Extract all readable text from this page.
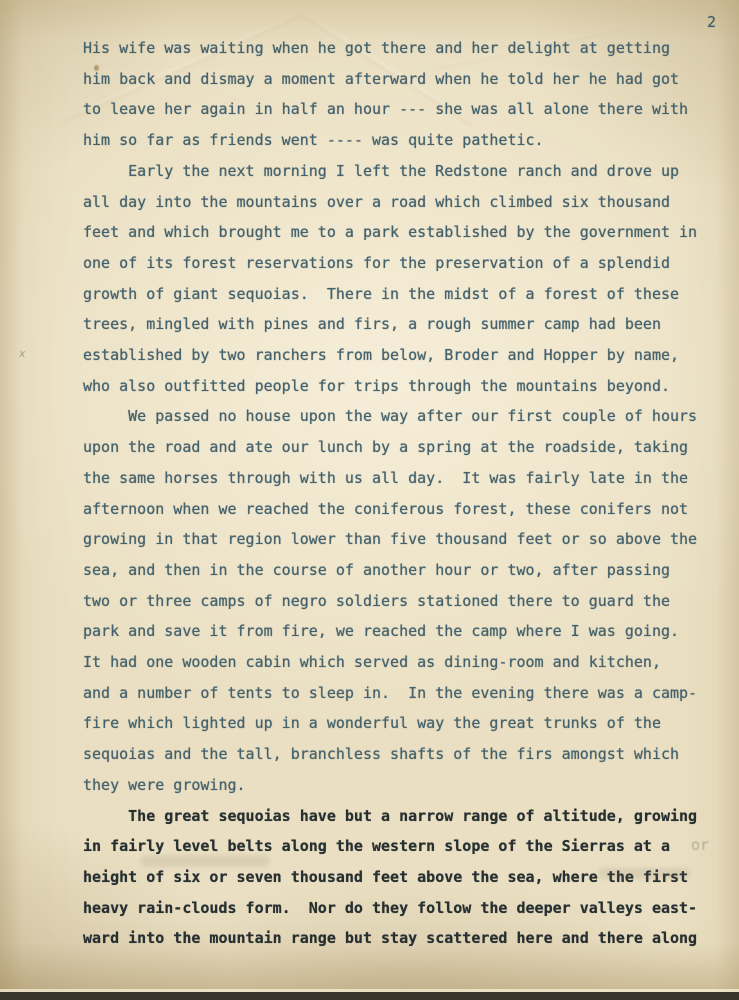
2
x
His wife was waiting when he got there and her delight at getting
him back and dismay a moment afterward when he told her he had got
to leave her again in half an hour --- she was all alone there with
him so far as friends went ---- was quite pathetic.
Early the next morning I left the Redstone ranch and drove up
all day into the mountains over a road which climbed six thousand
feet and which brought me to a park established by the government in
one of its forest reservations for the preservation of a splendid
growth of giant sequoias.  There in the midst of a forest of these
trees, mingled with pines and firs, a rough summer camp had been
established by two ranchers from below, Broder and Hopper by name,
who also outfitted people for trips through the mountains beyond.
We passed no house upon the way after our first couple of hours
upon the road and ate our lunch by a spring at the roadside, taking
the same horses through with us all day.  It was fairly late in the
afternoon when we reached the coniferous forest, these conifers not
growing in that region lower than five thousand feet or so above the
sea, and then in the course of another hour or two, after passing
two or three camps of negro soldiers stationed there to guard the
park and save it from fire, we reached the camp where I was going.
It had one wooden cabin which served as dining-room and kitchen,
and a number of tents to sleep in.  In the evening there was a camp-
fire which lighted up in a wonderful way the great trunks of the
sequoias and the tall, branchless shafts of the firs amongst which
they were growing.
The great sequoias have but a narrow range of altitude, growing
in fairly level belts along the western slope of the Sierras at a
height of six or seven thousand feet above the sea, where the first
heavy rain-clouds form.  Nor do they follow the deeper valleys east-
ward into the mountain range but stay scattered here and there along
or
